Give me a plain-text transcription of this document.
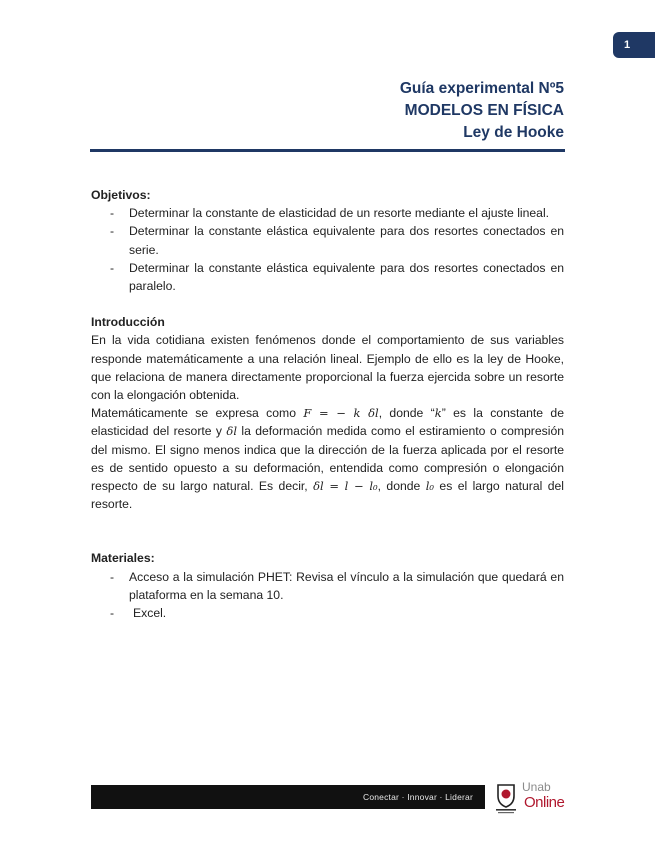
1
Guía experimental Nº5
MODELOS EN FÍSICA
Ley de Hooke

Objetivos:

- Determinar la constante de elasticidad de un resorte mediante el ajuste lineal.
- Determinar la constante elástica equivalente para dos resortes conectados en serie.
- Determinar la constante elástica equivalente para dos resortes conectados en paralelo.

Introducción

En la vida cotidiana existen fenómenos donde el comportamiento de sus variables responde matemáticamente a una relación lineal. Ejemplo de ello es la ley de Hooke, que relaciona de manera directamente proporcional la fuerza ejercida sobre un resorte con la elongación obtenida.

Matemáticamente se expresa como F = − k δl, donde “k” es la constante de elasticidad del resorte y δl la deformación medida como el estiramiento o compresión del mismo. El signo menos indica que la dirección de la fuerza aplicada por el resorte es de sentido opuesto a su deformación, entendida como compresión o elongación respecto de su largo natural. Es decir, δl = l − l₀, donde l₀ es el largo natural del resorte.

Materiales:

- Acceso a la simulación PHET: Revisa el vínculo a la simulación que quedará en plataforma en la semana 10.
- Excel.
Conectar · Innovar · Liderar
Unab
Online
